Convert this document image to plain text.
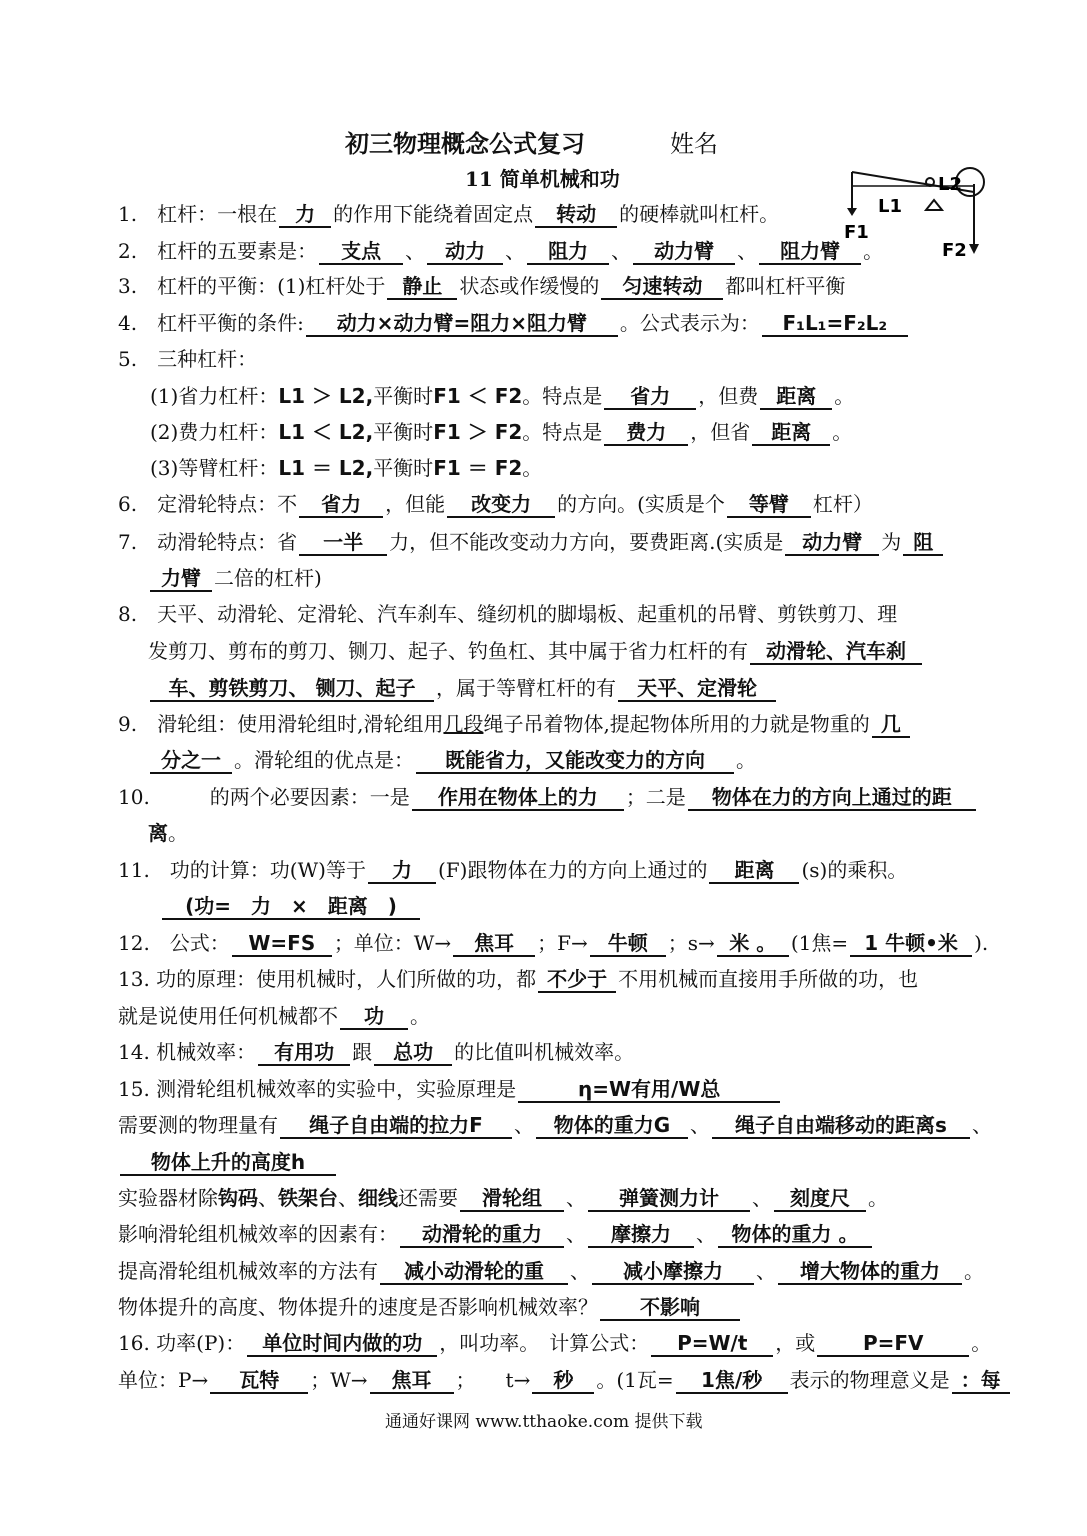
初三物理概念公式复习	姓名
11 简单机械和功
L1
L2
F1
F2
1.　杠杆：一根在 力 的作用下能绕着固定点 转动 的硬棒就叫杠杆。
2.　杠杆的五要素是： 支点 、 动力 、 阻力 、 动力臂 、 阻力臂 。
3.　杠杆的平衡：(1)杠杆处于 静止 状态或作缓慢的 匀速转动 都叫杠杆平衡
4.　杠杆平衡的条件: 动力×动力臂=阻力×阻力臂 。公式表示为： F₁L₁=F₂L₂
5.　三种杠杆：
(1)省力杠杆：L1 ＞ L2,平衡时F1 ＜ F2。特点是 省力 ，但费 距离 。
(2)费力杠杆：L1 ＜ L2,平衡时F1 ＞ F2。特点是 费力 ，但省 距离 。
(3)等臂杠杆：L1 ＝ L2,平衡时F1 ＝ F2。
6.　定滑轮特点：不 省力 ，但能 改变力 的方向。(实质是个 等臂 杠杆）
7.　动滑轮特点：省 一半 力，但不能改变动力方向，要费距离.(实质是 动力臂 为 阻
力臂 二倍的杠杆)
8.　天平、动滑轮、定滑轮、汽车刹车、缝纫机的脚塌板、起重机的吊臂、剪铁剪刀、理
发剪刀、剪布的剪刀、铡刀、起子、钓鱼杠、其中属于省力杠杆的有 动滑轮、汽车刹
车、剪铁剪刀、 铡刀、起子 ，属于等臂杠杆的有 天平、定滑轮
9.　滑轮组：使用滑轮组时,滑轮组用几段绳子吊着物体,提起物体所用的力就是物重的 几
分之一 。滑轮组的优点是： 既能省力，又能改变力的方向 。
10.　　　的两个必要因素：一是 作用在物体上的力 ；二是 物体在力的方向上通过的距
离。
11.　功的计算：功(W)等于 力 (F)跟物体在力的方向上通过的 距离 (s)的乘积。
(功=　力　×　距离　)
12.　公式： W=FS ；单位：W→ 焦耳 ；F→ 牛顿 ；s→ 米 。 (1焦= 1 牛顿•米 ).
13. 功的原理：使用机械时，人们所做的功，都 不少于 不用机械而直接用手所做的功，也
就是说使用任何机械都不 功 。
14. 机械效率： 有用功 跟 总功 的比值叫机械效率。
15. 测滑轮组机械效率的实验中，实验原理是	η=W有用/W总
需要测的物理量有 绳子自由端的拉力F 、 物体的重力G 、 绳子自由端移动的距离s 、
物体上升的高度h
实验器材除钩码、铁架台、细线还需要 滑轮组 、 弹簧测力计 、 刻度尺 。
影响滑轮组机械效率的因素有： 动滑轮的重力 、 摩擦力 、 物体的重力 。
提高滑轮组机械效率的方法有 减小动滑轮的重 、 减小摩擦力 、 增大物体的重力 。
物体提升的高度、物体提升的速度是否影响机械效率？ 不影响
16. 功率(P)： 单位时间内做的功 ，叫功率。　计算公式： P=W/t ，或 P=FV 。
单位：P→ 瓦特 ；W→ 焦耳 ；　　t→ 秒 。(1瓦= 1焦/秒 表示的物理意义是 ：每
通通好课网 www.tthaoke.com 提供下载
